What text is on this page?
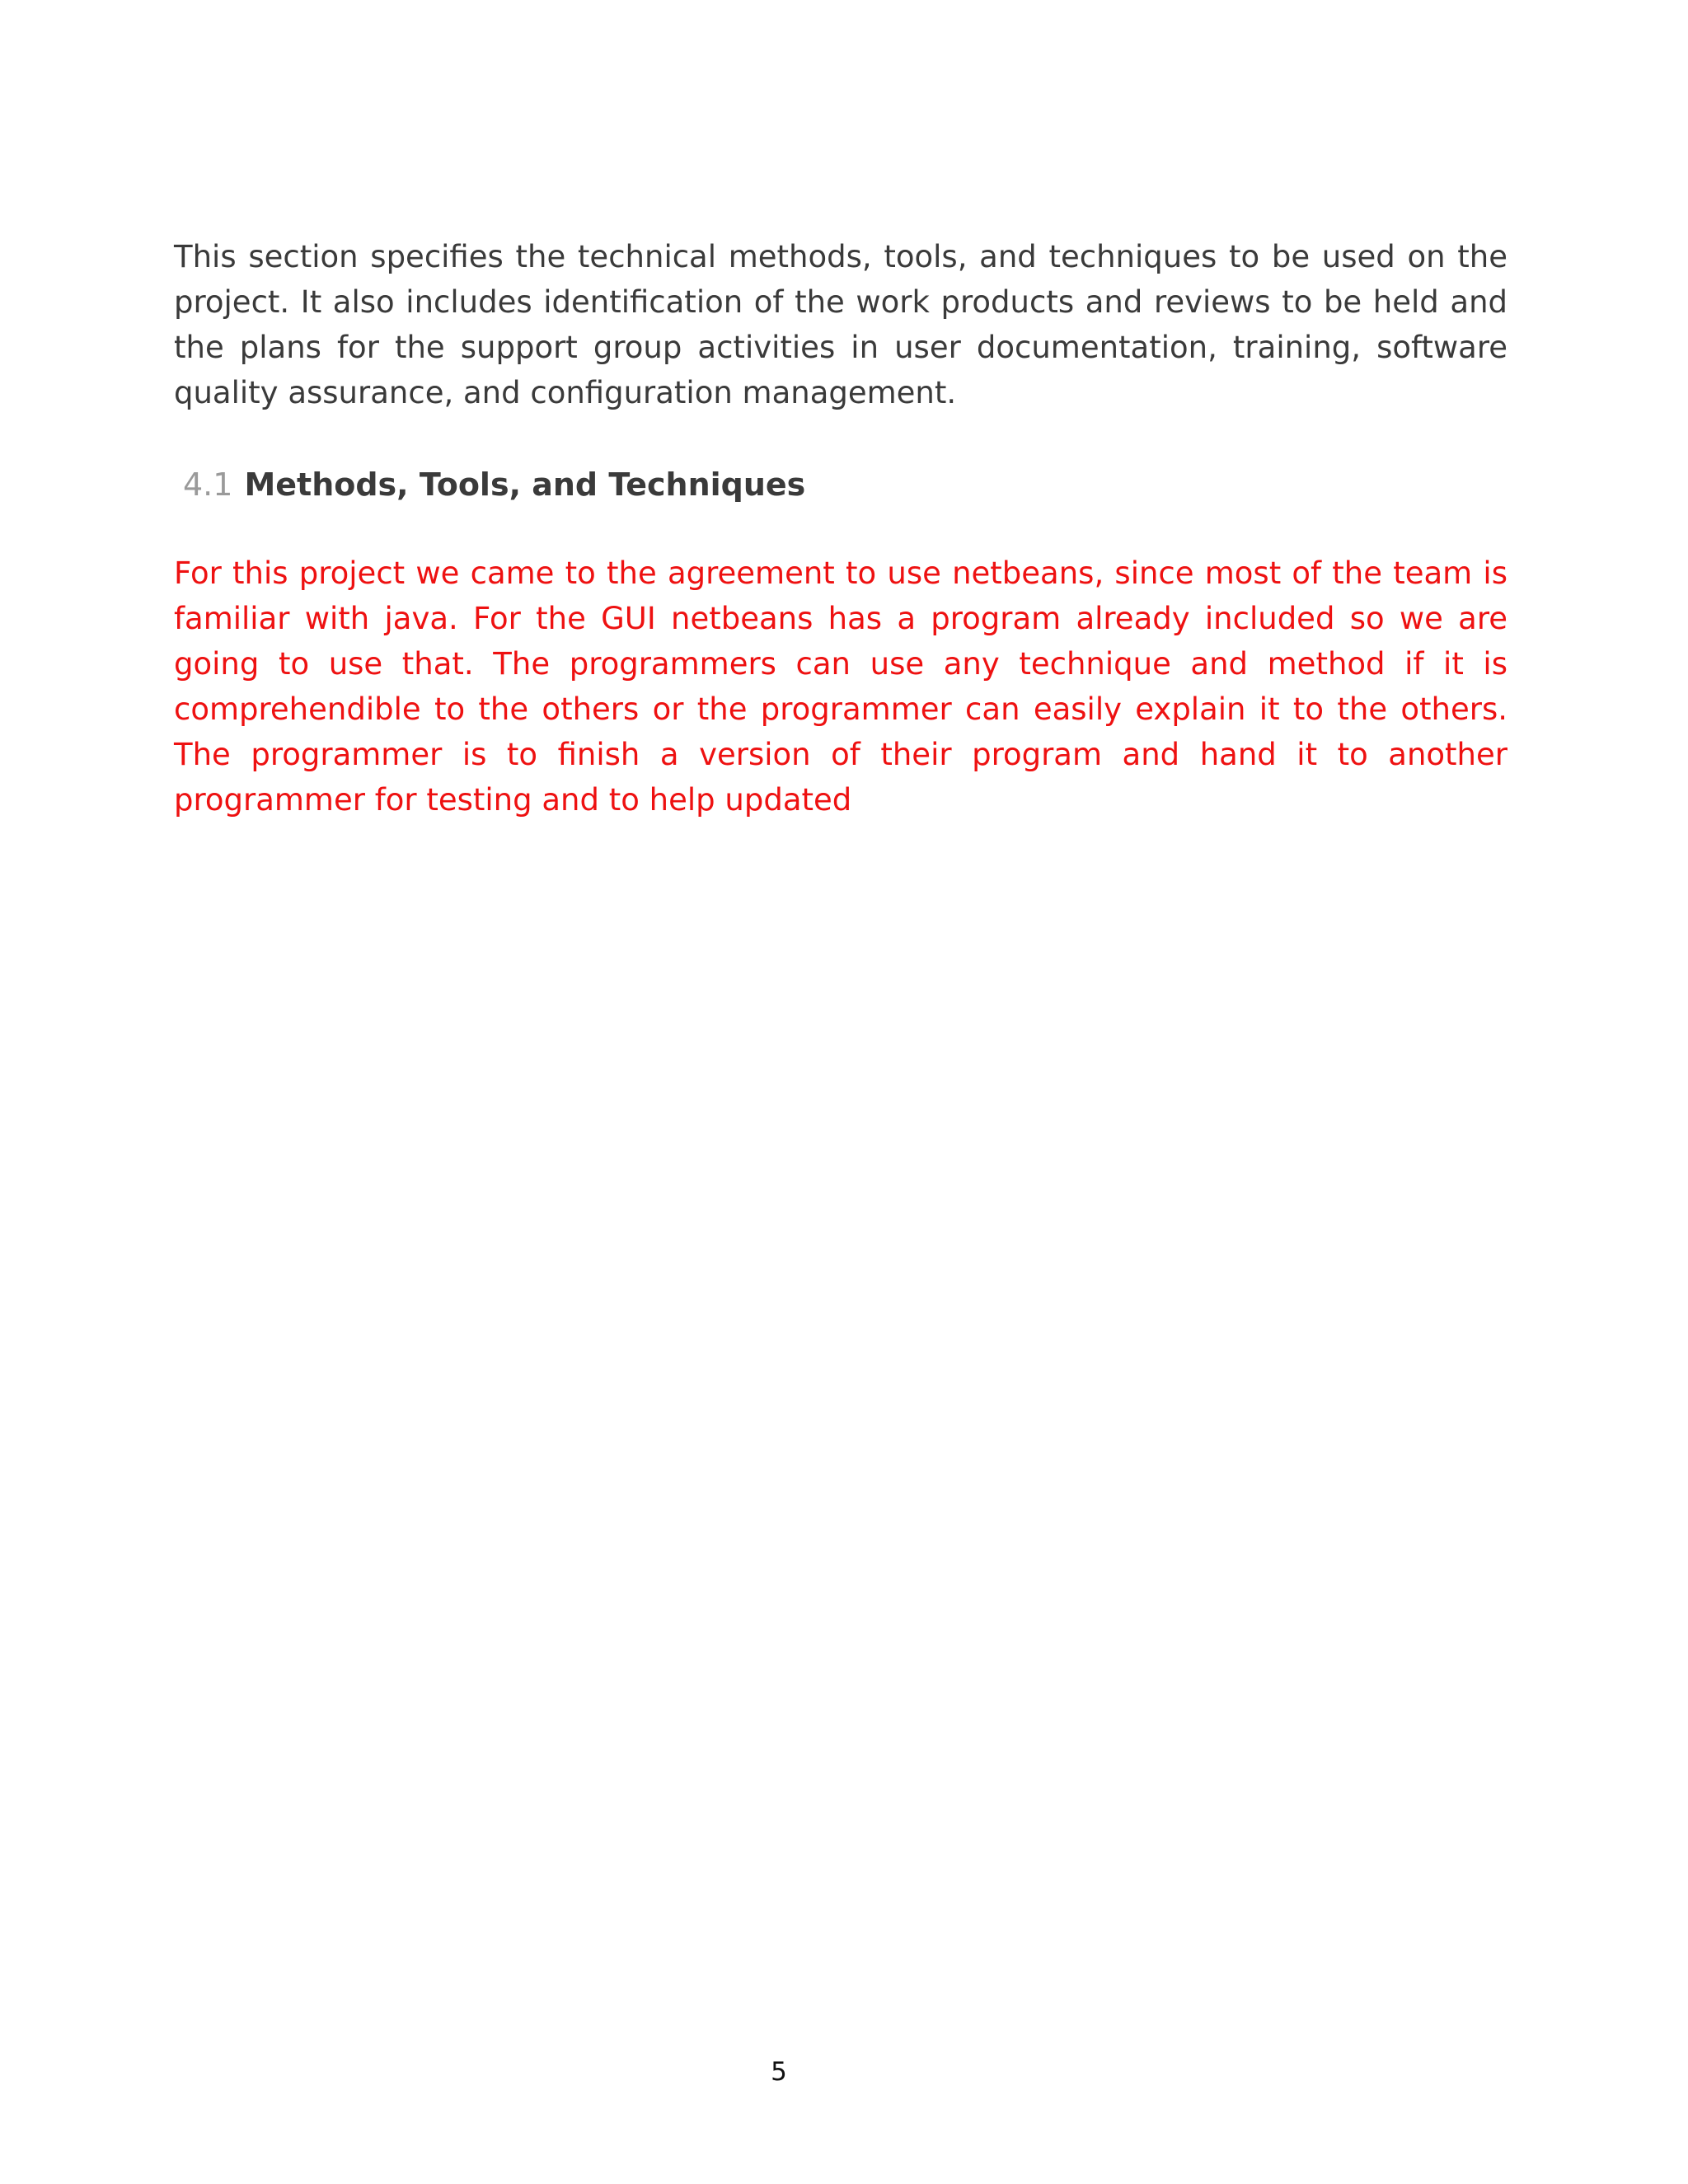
This section specifies the technical methods, tools, and techniques to be used on the project. It also includes identification of the work products and reviews to be held and the plans for the support group activities in user documentation, training, software quality assurance, and configuration management.

4.1 Methods, Tools, and Techniques

For this project we came to the agreement to use netbeans, since most of the team is familiar with java. For the GUI netbeans has a program already included so we are going to use that. The programmers can use any technique and method if it is comprehendible to the others or the programmer can easily explain it to the others. The programmer is to finish a version of their program and hand it to another programmer for testing and to help updated

5
